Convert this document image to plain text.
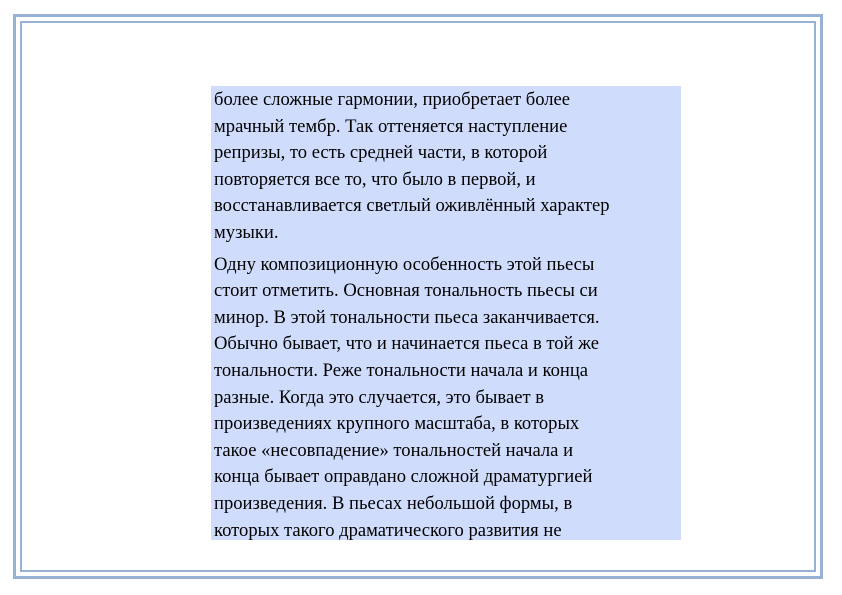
более сложные гармонии, приобретает более
мрачный тембр. Так оттеняется наступление
репризы, то есть средней части, в которой
повторяется все то, что было в первой, и
восстанавливается светлый оживлённый характер
музыки.

Одну композиционную особенность этой пьесы
стоит отметить. Основная тональность пьесы си
минор. В этой тональности пьеса заканчивается.
Обычно бывает, что и начинается пьеса в той же
тональности. Реже тональности начала и конца
разные. Когда это случается, это бывает в
произведениях крупного масштаба, в которых
такое «несовпадение» тональностей начала и
конца бывает оправдано сложной драматургией
произведения. В пьесах небольшой формы, в
которых такого драматического развития не
